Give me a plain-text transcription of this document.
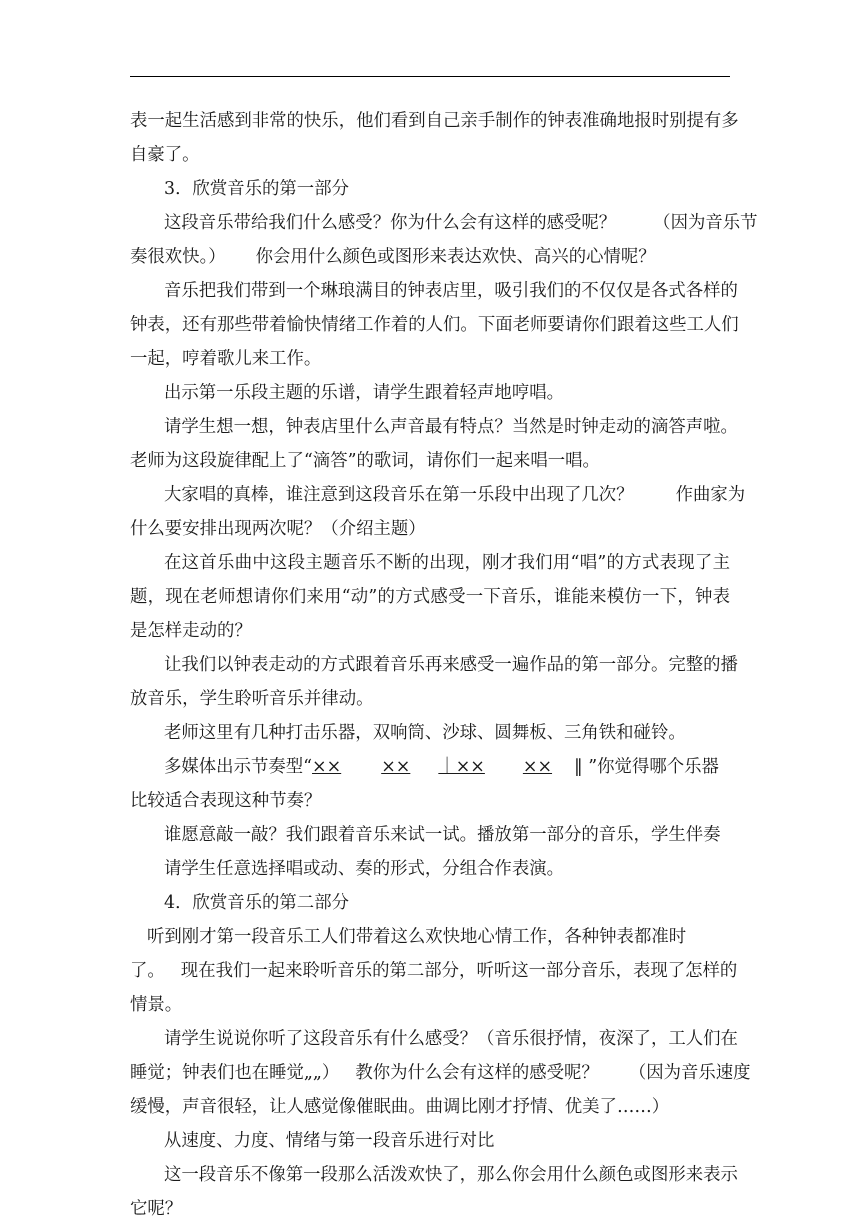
表一起生活感到非常的快乐，他们看到自己亲手制作的钟表准确地报时别提有多
自豪了。
3．欣赏音乐的第一部分
这段音乐带给我们什么感受？你为什么会有这样的感受呢？ （因为音乐节
奏很欢快。） 你会用什么颜色或图形来表达欢快、高兴的心情呢？
音乐把我们带到一个琳琅满目的钟表店里，吸引我们的不仅仅是各式各样的
钟表，还有那些带着愉快情绪工作着的人们。下面老师要请你们跟着这些工人们
一起，哼着歌儿来工作。
出示第一乐段主题的乐谱，请学生跟着轻声地哼唱。
请学生想一想，钟表店里什么声音最有特点？当然是时钟走动的滴答声啦。
老师为这段旋律配上了“滴答”的歌词，请你们一起来唱一唱。
大家唱的真棒，谁注意到这段音乐在第一乐段中出现了几次？ 作曲家为
什么要安排出现两次呢？（介绍主题）
在这首乐曲中这段主题音乐不断的出现，刚才我们用“唱”的方式表现了主
题，现在老师想请你们来用“动”的方式感受一下音乐，谁能来模仿一下，钟表
是怎样走动的？
让我们以钟表走动的方式跟着音乐再来感受一遍作品的第一部分。完整的播
放音乐，学生聆听音乐并律动。
老师这里有几种打击乐器，双响筒、沙球、圆舞板、三角铁和碰铃。
多媒体出示节奏型“×× ×× ｜×× ×× ‖ ”你觉得哪个乐器
比较适合表现这种节奏？
谁愿意敲一敲？我们跟着音乐来试一试。播放第一部分的音乐，学生伴奏
请学生任意选择唱或动、奏的形式，分组合作表演。
4．欣赏音乐的第二部分
听到刚才第一段音乐工人们带着这么欢快地心情工作，各种钟表都准时
了。 现在我们一起来聆听音乐的第二部分，听听这一部分音乐，表现了怎样的
情景。
请学生说说你听了这段音乐有什么感受？（音乐很抒情，夜深了，工人们在
睡觉；钟表们也在睡觉„„） 教你为什么会有这样的感受呢？ （因为音乐速度
缓慢，声音很轻，让人感觉像催眠曲。曲调比刚才抒情、优美了……）
从速度、力度、情绪与第一段音乐进行对比
这一段音乐不像第一段那么活泼欢快了，那么你会用什么颜色或图形来表示
它呢？
